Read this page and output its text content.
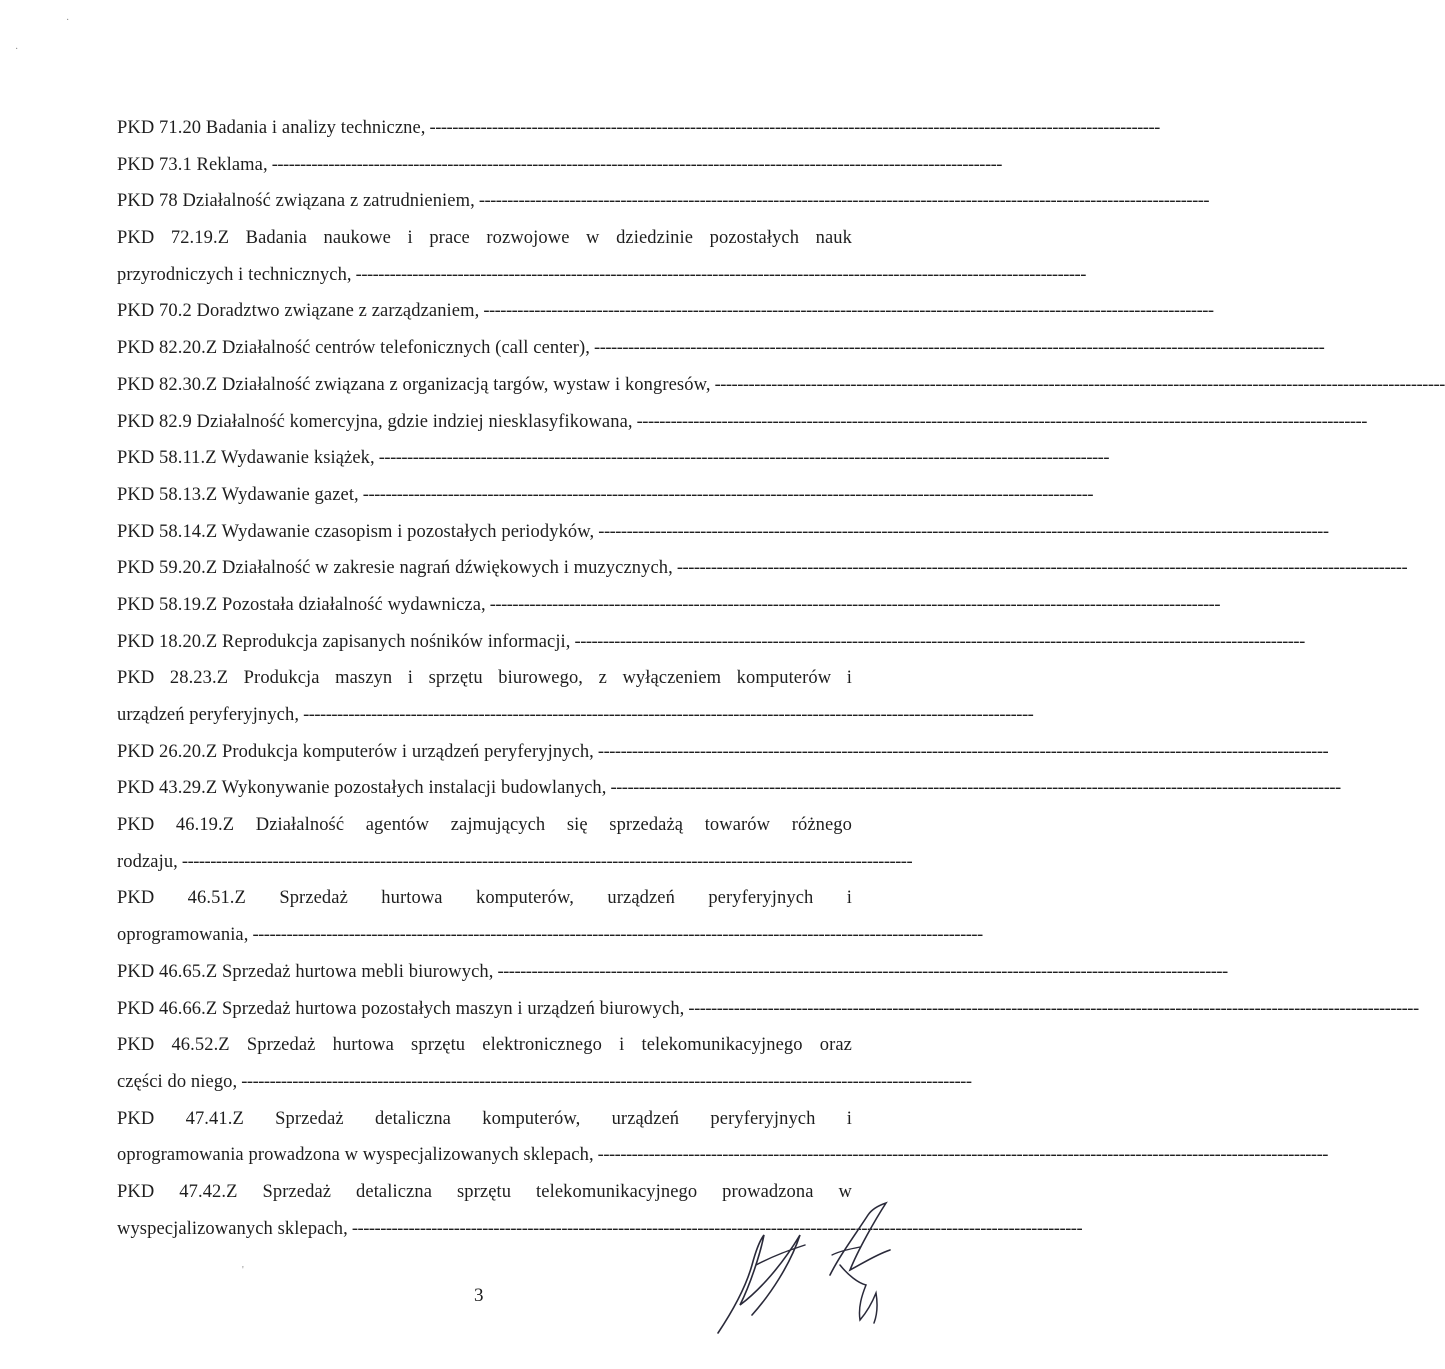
PKD 71.20 Badania i analizy techniczne, ---------------------------------------------------------------------------------------------------------------------------------
PKD 73.1 Reklama, ---------------------------------------------------------------------------------------------------------------------------------
PKD 78 Działalność związana z zatrudnieniem, ---------------------------------------------------------------------------------------------------------------------------------
PKD 72.19.Z Badania naukowe i prace rozwojowe w dziedzinie pozostałych nauk
przyrodniczych i technicznych, ---------------------------------------------------------------------------------------------------------------------------------
PKD 70.2 Doradztwo związane z zarządzaniem, ---------------------------------------------------------------------------------------------------------------------------------
PKD 82.20.Z Działalność centrów telefonicznych (call center), ---------------------------------------------------------------------------------------------------------------------------------
PKD 82.30.Z Działalność związana z organizacją targów, wystaw i kongresów, ---------------------------------------------------------------------------------------------------------------------------------
PKD 82.9 Działalność komercyjna, gdzie indziej niesklasyfikowana, ---------------------------------------------------------------------------------------------------------------------------------
PKD 58.11.Z Wydawanie książek, ---------------------------------------------------------------------------------------------------------------------------------
PKD 58.13.Z Wydawanie gazet, ---------------------------------------------------------------------------------------------------------------------------------
PKD 58.14.Z Wydawanie czasopism i pozostałych periodyków, ---------------------------------------------------------------------------------------------------------------------------------
PKD 59.20.Z Działalność w zakresie nagrań dźwiękowych i muzycznych, ---------------------------------------------------------------------------------------------------------------------------------
PKD 58.19.Z Pozostała działalność wydawnicza, ---------------------------------------------------------------------------------------------------------------------------------
PKD 18.20.Z Reprodukcja zapisanych nośników informacji, ---------------------------------------------------------------------------------------------------------------------------------
PKD 28.23.Z Produkcja maszyn i sprzętu biurowego, z wyłączeniem komputerów i
urządzeń peryferyjnych, ---------------------------------------------------------------------------------------------------------------------------------
PKD 26.20.Z Produkcja komputerów i urządzeń peryferyjnych, ---------------------------------------------------------------------------------------------------------------------------------
PKD 43.29.Z Wykonywanie pozostałych instalacji budowlanych, ---------------------------------------------------------------------------------------------------------------------------------
PKD 46.19.Z Działalność agentów zajmujących się sprzedażą towarów różnego
rodzaju, ---------------------------------------------------------------------------------------------------------------------------------
PKD 46.51.Z Sprzedaż hurtowa komputerów, urządzeń peryferyjnych i
oprogramowania, ---------------------------------------------------------------------------------------------------------------------------------
PKD 46.65.Z Sprzedaż hurtowa mebli biurowych, ---------------------------------------------------------------------------------------------------------------------------------
PKD 46.66.Z Sprzedaż hurtowa pozostałych maszyn i urządzeń biurowych, ---------------------------------------------------------------------------------------------------------------------------------
PKD 46.52.Z Sprzedaż hurtowa sprzętu elektronicznego i telekomunikacyjnego oraz
części do niego, ---------------------------------------------------------------------------------------------------------------------------------
PKD 47.41.Z Sprzedaż detaliczna komputerów, urządzeń peryferyjnych i
oprogramowania prowadzona w wyspecjalizowanych sklepach, ---------------------------------------------------------------------------------------------------------------------------------
PKD 47.42.Z Sprzedaż detaliczna sprzętu telekomunikacyjnego prowadzona w
wyspecjalizowanych sklepach, ---------------------------------------------------------------------------------------------------------------------------------
3
·
·
'
